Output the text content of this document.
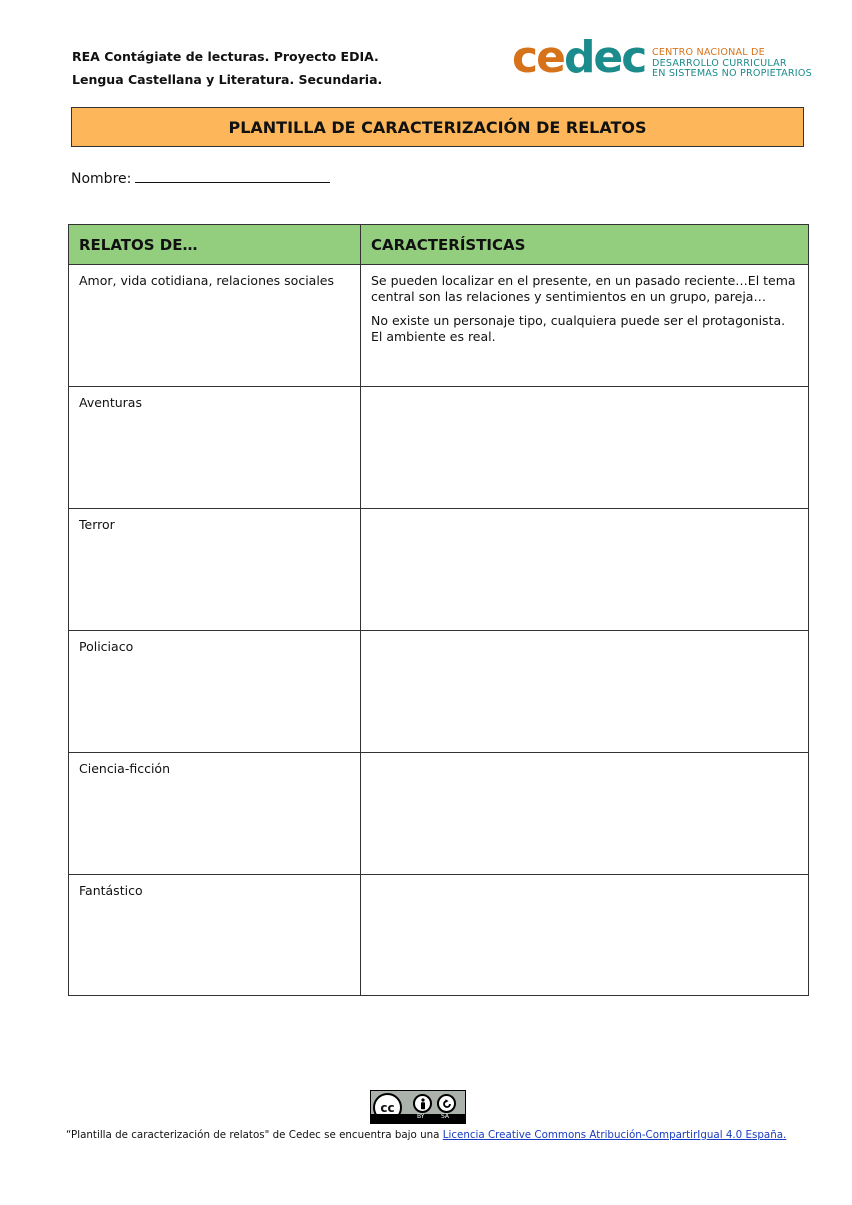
REA Contágiate de lecturas. Proyecto EDIA.
Lengua Castellana y Literatura. Secundaria.	cedec CENTRO NACIONAL DE
DESARROLLO CURRICULAR
EN SISTEMAS NO PROPIETARIOS
PLANTILLA DE CARACTERIZACIÓN DE RELATOS
Nombre:
RELATOS DE…	CARACTERÍSTICAS
Amor, vida cotidiana, relaciones sociales	Se pueden localizar en el presente, en un pasado reciente…El tema central son las relaciones y sentimientos en un grupo, pareja…

No existe un personaje tipo, cualquiera puede ser el protagonista. El ambiente es real.

Aventuras	
Terror	
Policiaco	
Ciencia-ficción	
Fantástico	
cc
BY	SA
“Plantilla de caracterización de relatos" de Cedec se encuentra bajo una Licencia Creative Commons Atribución-CompartirIgual 4.0 España.
